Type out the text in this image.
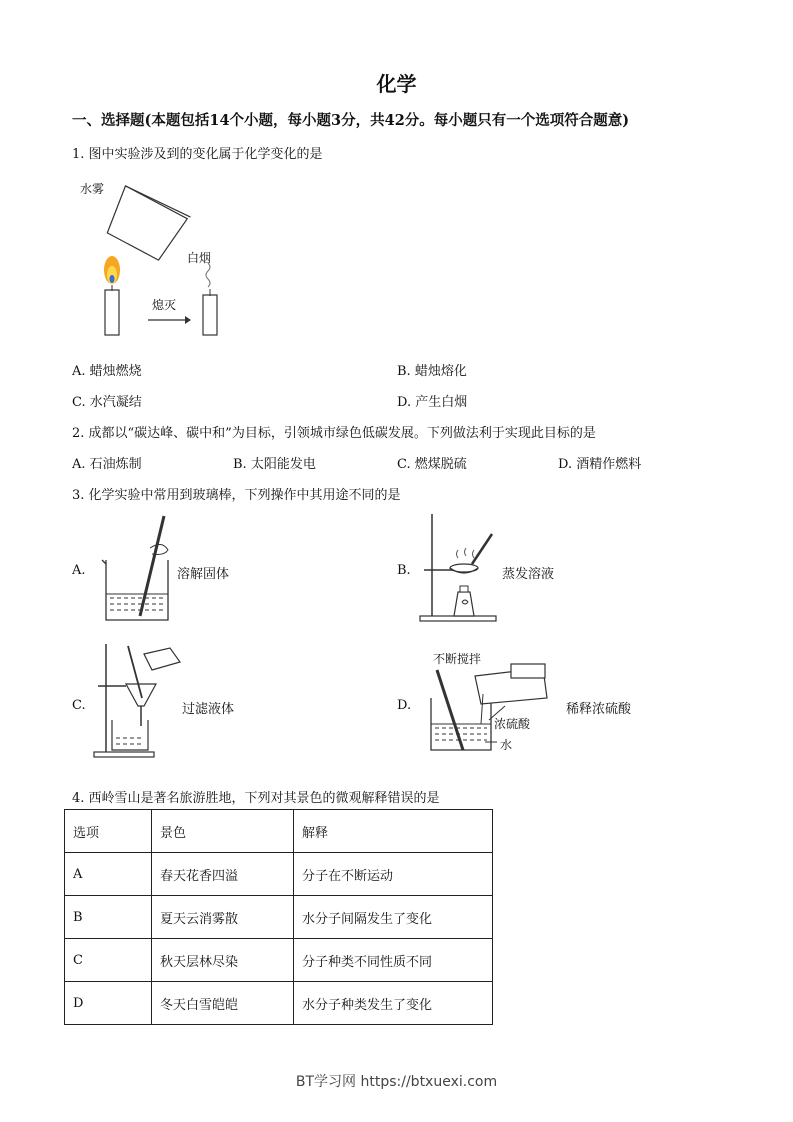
化学
一、选择题(本题包括14个小题，每小题3分，共42分。每小题只有一个选项符合题意)
1. 图中实验涉及到的变化属于化学变化的是
水雾
白烟
熄灭
A. 蜡烛燃烧	B. 蜡烛熔化
C. 水汽凝结	D. 产生白烟
2. 成都以“碳达峰、碳中和”为目标，引领城市绿色低碳发展。下列做法利于实现此目标的是
A. 石油炼制	B. 太阳能发电	C. 燃煤脱硫	D. 酒精作燃料
3. 化学实验中常用到玻璃棒，下列操作中其用途不同的是
A.	溶解固体	B.	蒸发溶液
C.	过滤液体	D.
不断搅拌
浓硫酸
水
稀释浓硫酸
4. 西岭雪山是著名旅游胜地，下列对其景色的微观解释错误的是
选项	景色	解释
A	春天花香四溢	分子在不断运动
B	夏天云消雾散	水分子间隔发生了变化
C	秋天层林尽染	分子种类不同性质不同
D	冬天白雪皑皑	水分子种类发生了变化
BT学习网 https://btxuexi.com
